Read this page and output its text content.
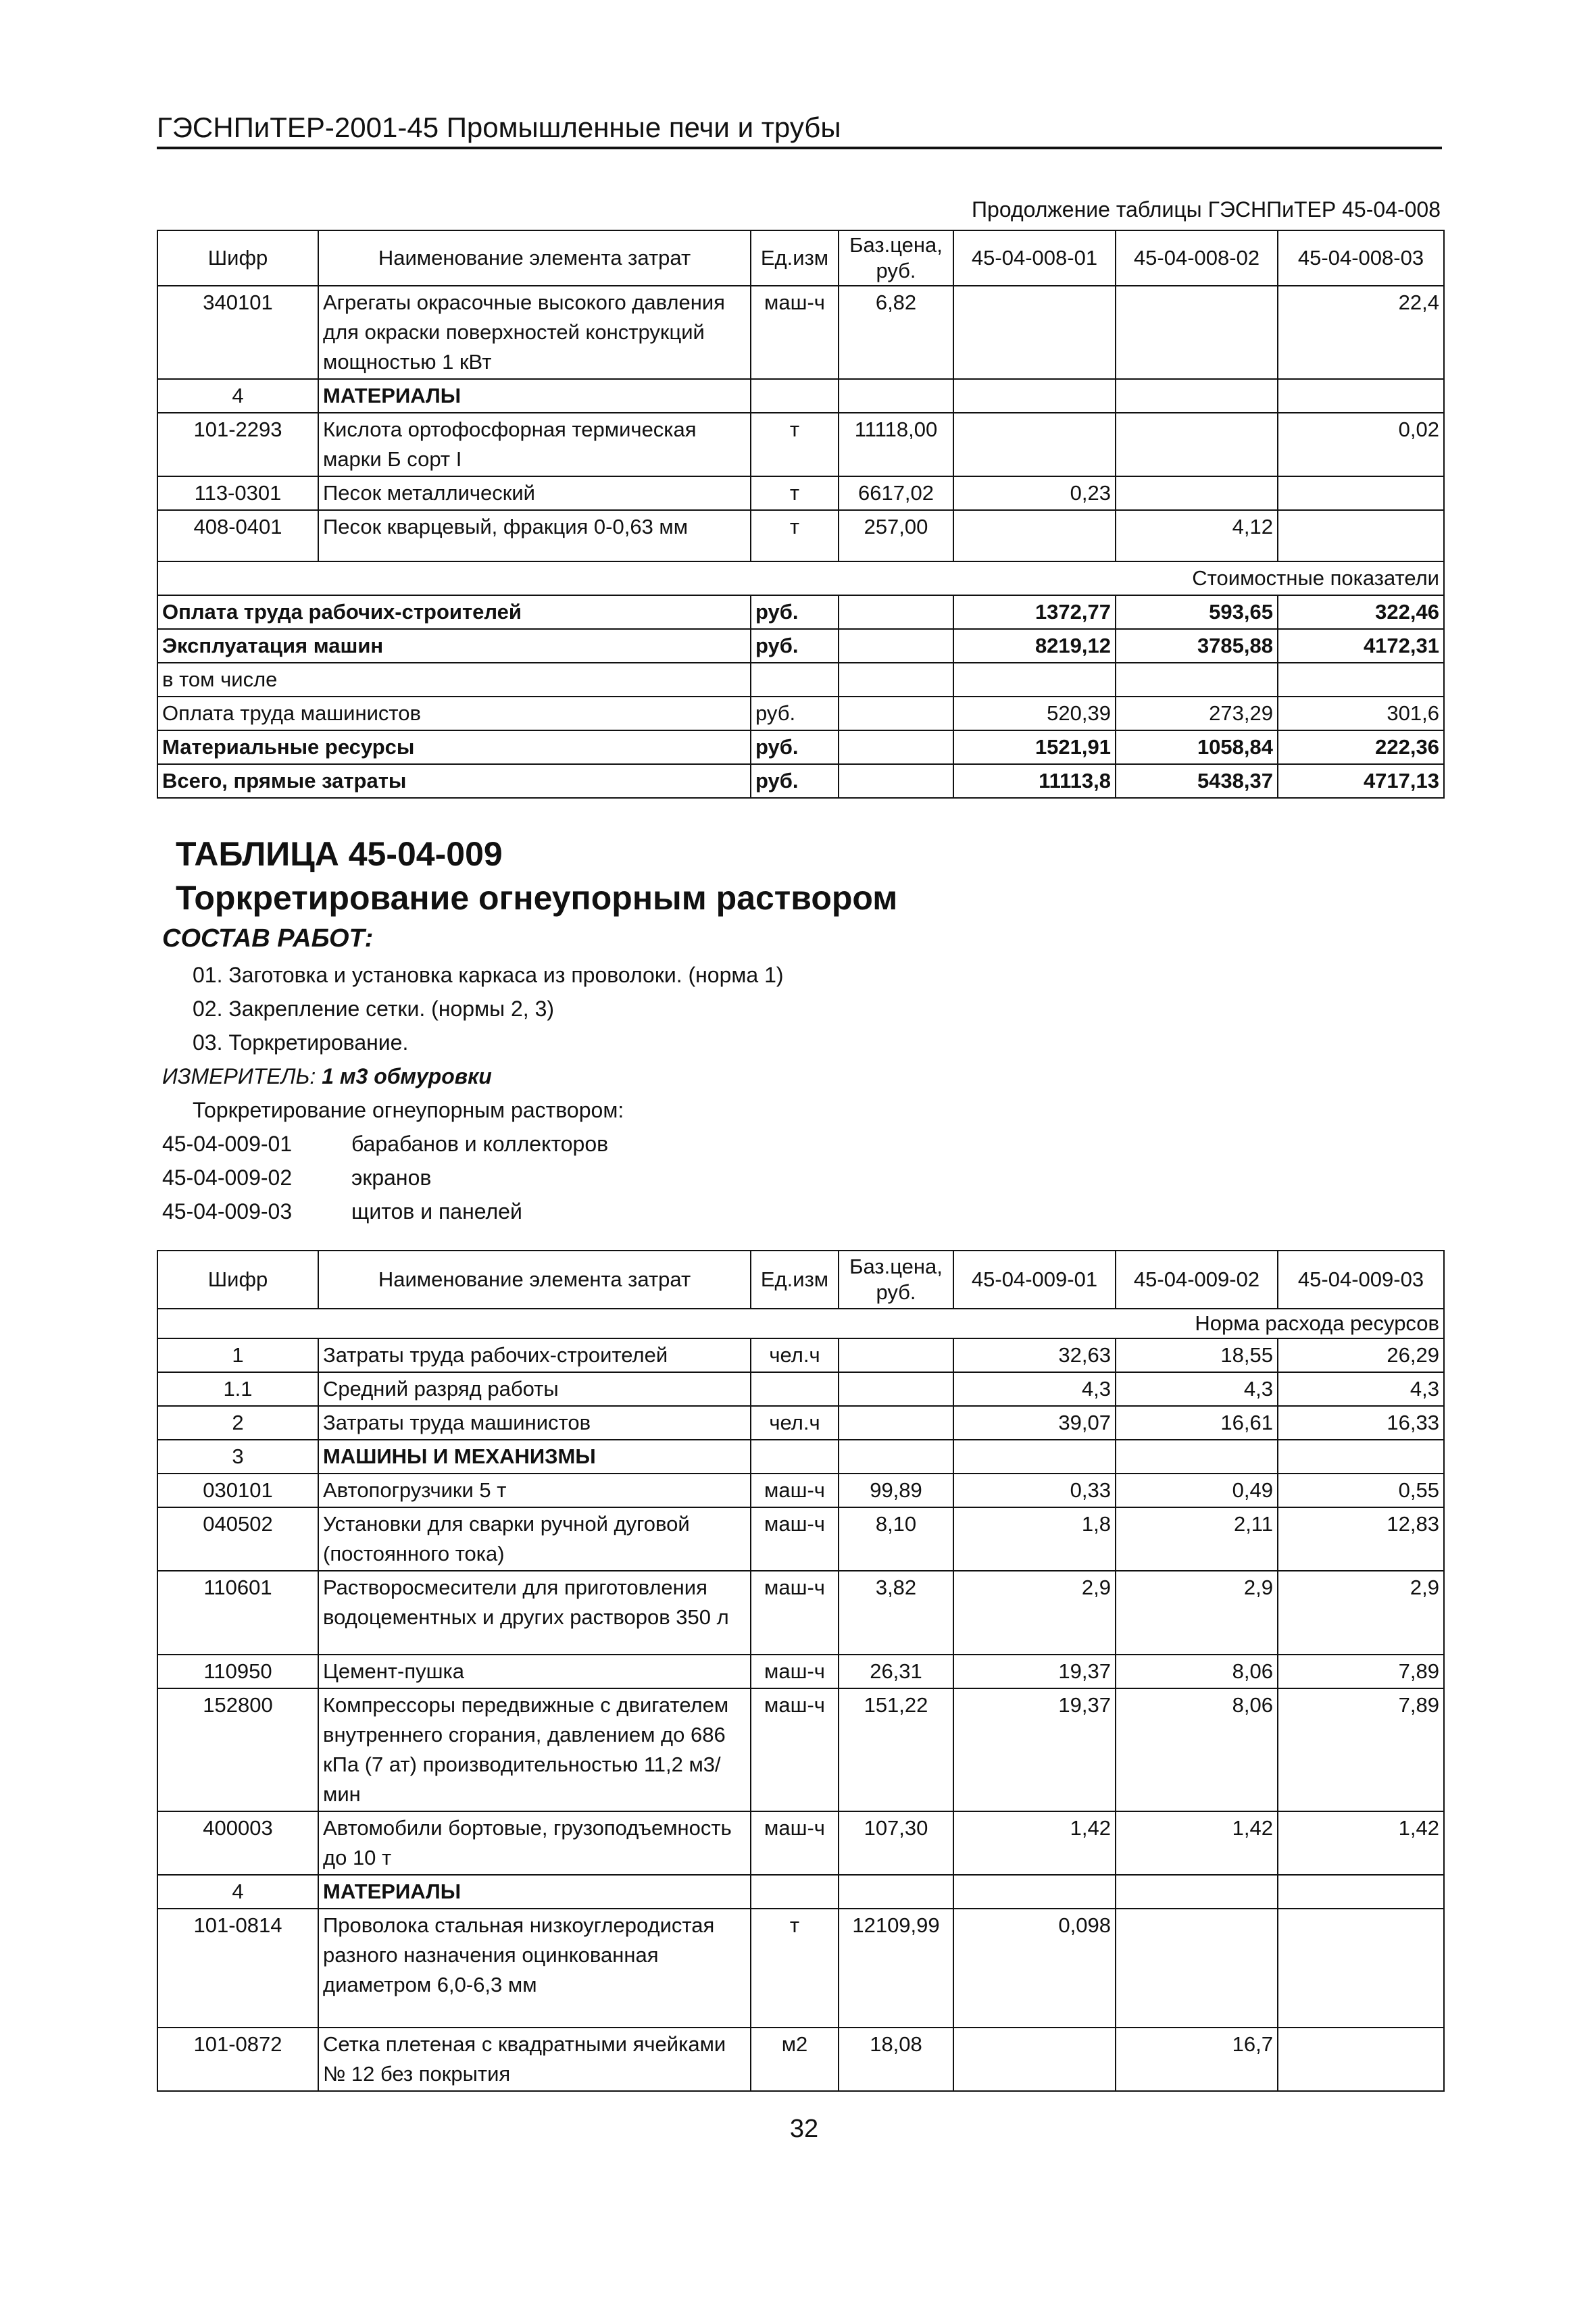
ГЭСНПиТЕР-2001-45 Промышленные печи и трубы
Продолжение таблицы ГЭСНПиТЕР 45-04-008
Шифр	Наименование элемента затрат	Ед.изм	Баз.цена, руб.	45-04-008-01	45-04-008-02	45-04-008-03
340101	Агрегаты окрасочные высокого давления для окраски поверхностей конструкций мощностью 1 кВт	маш-ч	6,82			22,4
4	МАТЕРИАЛЫ					
101-2293	Кислота ортофосфорная термическая марки Б сорт I	т	11118,00			0,02
113-0301	Песок металлический	т	6617,02	0,23		
408-0401	Песок кварцевый, фракция 0-0,63 мм	т	257,00		4,12	
Стоимостные показатели						
Оплата труда рабочих-строителей		руб.		1372,77	593,65	322,46
Эксплуатация машин		руб.		8219,12	3785,88	4172,31
в том числе						
Оплата труда машинистов		руб.		520,39	273,29	301,6
Материальные ресурсы		руб.		1521,91	1058,84	222,36
Всего, прямые затраты		руб.		11113,8	5438,37	4717,13
ТАБЛИЦА 45-04-009
Торкретирование огнеупорным раствором
СОСТАВ РАБОТ:
01. Заготовка и установка каркаса из проволоки. (норма 1)
02. Закрепление сетки. (нормы 2, 3)
03. Торкретирование.
ИЗМЕРИТЕЛЬ: 1 м3 обмуровки
Торкретирование огнеупорным раствором:
45-04-009-01	барабанов и коллекторов
45-04-009-02	экранов
45-04-009-03	щитов и панелей
Шифр	Наименование элемента затрат	Ед.изм	Баз.цена, руб.	45-04-009-01	45-04-009-02	45-04-009-03
Норма расхода ресурсов						
1	Затраты труда рабочих-строителей	чел.ч		32,63	18,55	26,29
1.1	Средний разряд работы			4,3	4,3	4,3
2	Затраты труда машинистов	чел.ч		39,07	16,61	16,33
3	МАШИНЫ И МЕХАНИЗМЫ					
030101	Автопогрузчики 5 т	маш-ч	99,89	0,33	0,49	0,55
040502	Установки для сварки ручной дуговой (постоянного тока)	маш-ч	8,10	1,8	2,11	12,83
110601	Растворосмесители для приготовления водоцементных и других растворов 350 л	маш-ч	3,82	2,9	2,9	2,9
110950	Цемент-пушка	маш-ч	26,31	19,37	8,06	7,89
152800	Компрессоры передвижные с двигателем внутреннего сгорания, давлением до 686 кПа (7 ат) производительностью 11,2 м3/мин	маш-ч	151,22	19,37	8,06	7,89
400003	Автомобили бортовые, грузоподъемность до 10 т	маш-ч	107,30	1,42	1,42	1,42
4	МАТЕРИАЛЫ					
101-0814	Проволока стальная низкоуглеродистая разного назначения оцинкованная диаметром 6,0-6,3 мм	т	12109,99	0,098		
101-0872	Сетка плетеная с квадратными ячейками № 12 без покрытия	м2	18,08		16,7	
32
